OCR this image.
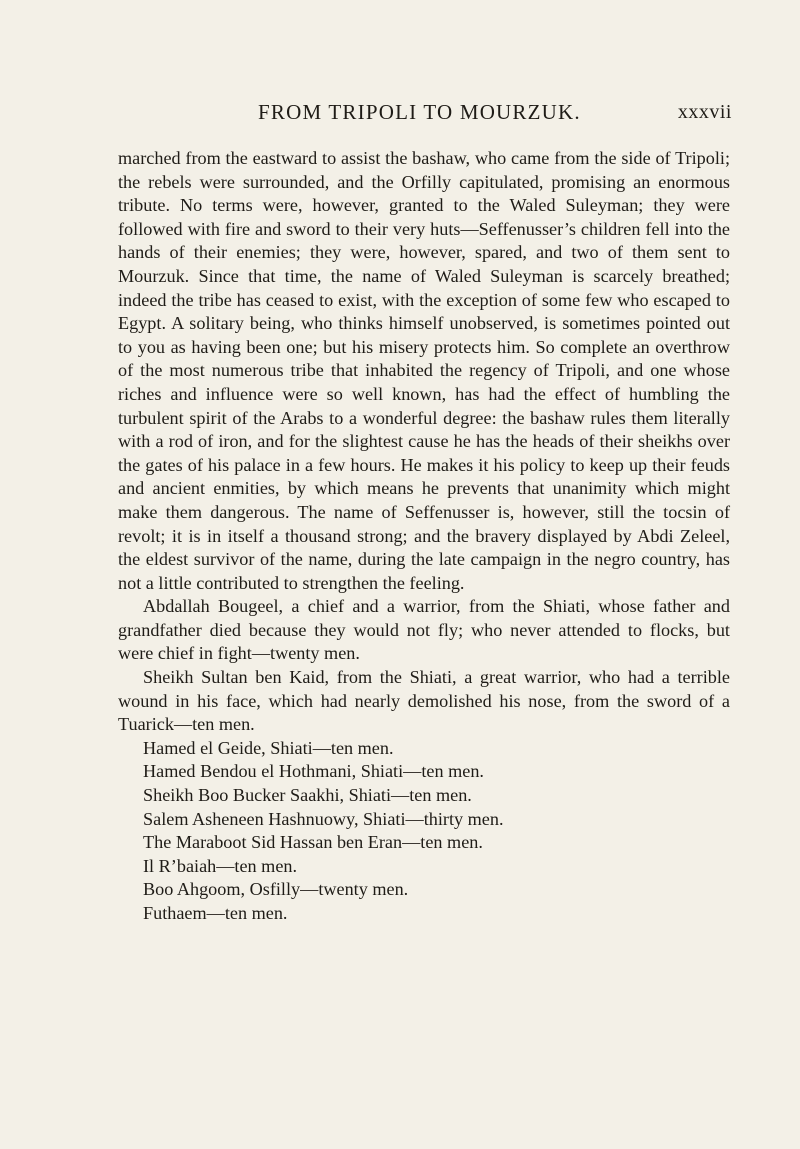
FROM TRIPOLI TO MOURZUK.	xxxvii

marched from the eastward to assist the bashaw, who came from the side of Tripoli; the rebels were surrounded, and the Orfilly capitulated, promising an enormous tribute. No terms were, however, granted to the Waled Suleyman; they were followed with fire and sword to their very huts—Seffenusser’s children fell into the hands of their enemies; they were, however, spared, and two of them sent to Mourzuk. Since that time, the name of Waled Suleyman is scarcely breathed; indeed the tribe has ceased to exist, with the exception of some few who escaped to Egypt. A solitary being, who thinks himself unobserved, is sometimes pointed out to you as having been one; but his misery protects him. So complete an overthrow of the most numerous tribe that inhabited the regency of Tripoli, and one whose riches and influence were so well known, has had the effect of humbling the turbulent spirit of the Arabs to a wonderful degree: the bashaw rules them literally with a rod of iron, and for the slightest cause he has the heads of their sheikhs over the gates of his palace in a few hours. He makes it his policy to keep up their feuds and ancient enmities, by which means he prevents that unanimity which might make them dangerous. The name of Seffenusser is, however, still the tocsin of revolt; it is in itself a thousand strong; and the bravery displayed by Abdi Zeleel, the eldest survivor of the name, during the late campaign in the negro country, has not a little contributed to strengthen the feeling.

Abdallah Bougeel, a chief and a warrior, from the Shiati, whose father and grandfather died because they would not fly; who never attended to flocks, but were chief in fight—twenty men.

Sheikh Sultan ben Kaid, from the Shiati, a great warrior, who had a terrible wound in his face, which had nearly demolished his nose, from the sword of a Tuarick—ten men.

Hamed el Geide, Shiati—ten men.

Hamed Bendou el Hothmani, Shiati—ten men.

Sheikh Boo Bucker Saakhi, Shiati—ten men.

Salem Asheneen Hashnuowy, Shiati—thirty men.

The Maraboot Sid Hassan ben Eran—ten men.

Il R’baiah—ten men.

Boo Ahgoom, Osfilly—twenty men.

Futhaem—ten men.
